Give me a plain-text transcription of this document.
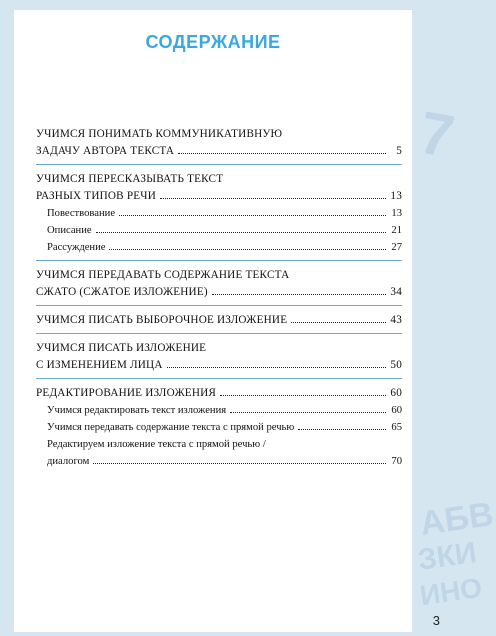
АБВ
ЗКИ
ИНО
7
СОДЕРЖАНИЕ
УЧИМСЯ ПОНИМАТЬ КОММУНИКАТИВНУЮ
ЗАДАЧУ АВТОРА ТЕКСТА	5
УЧИМСЯ ПЕРЕСКАЗЫВАТЬ ТЕКСТ
РАЗНЫХ ТИПОВ РЕЧИ	13
Повествование	13
Описание	21
Рассуждение	27
УЧИМСЯ ПЕРЕДАВАТЬ СОДЕРЖАНИЕ ТЕКСТА
СЖАТО (СЖАТОЕ ИЗЛОЖЕНИЕ)	34
УЧИМСЯ ПИСАТЬ ВЫБОРОЧНОЕ ИЗЛОЖЕНИЕ	43
УЧИМСЯ ПИСАТЬ ИЗЛОЖЕНИЕ
С ИЗМЕНЕНИЕМ ЛИЦА	50
РЕДАКТИРОВАНИЕ ИЗЛОЖЕНИЯ	60
Учимся редактировать текст изложения	60
Учимся передавать содержание текста с прямой речью	65
Редактируем изложение текста с прямой речью /
диалогом	70
3
